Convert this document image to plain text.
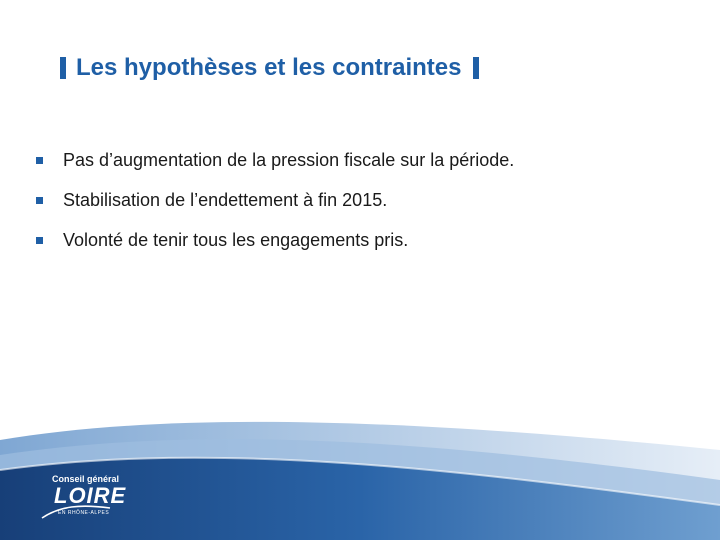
Les hypothèses et les contraintes
Pas d’augmentation de la pression fiscale sur la période.
Stabilisation de l’endettement à fin 2015.
Volonté de tenir tous les engagements pris.
Conseil général
LOIRE
EN RHÔNE-ALPES
